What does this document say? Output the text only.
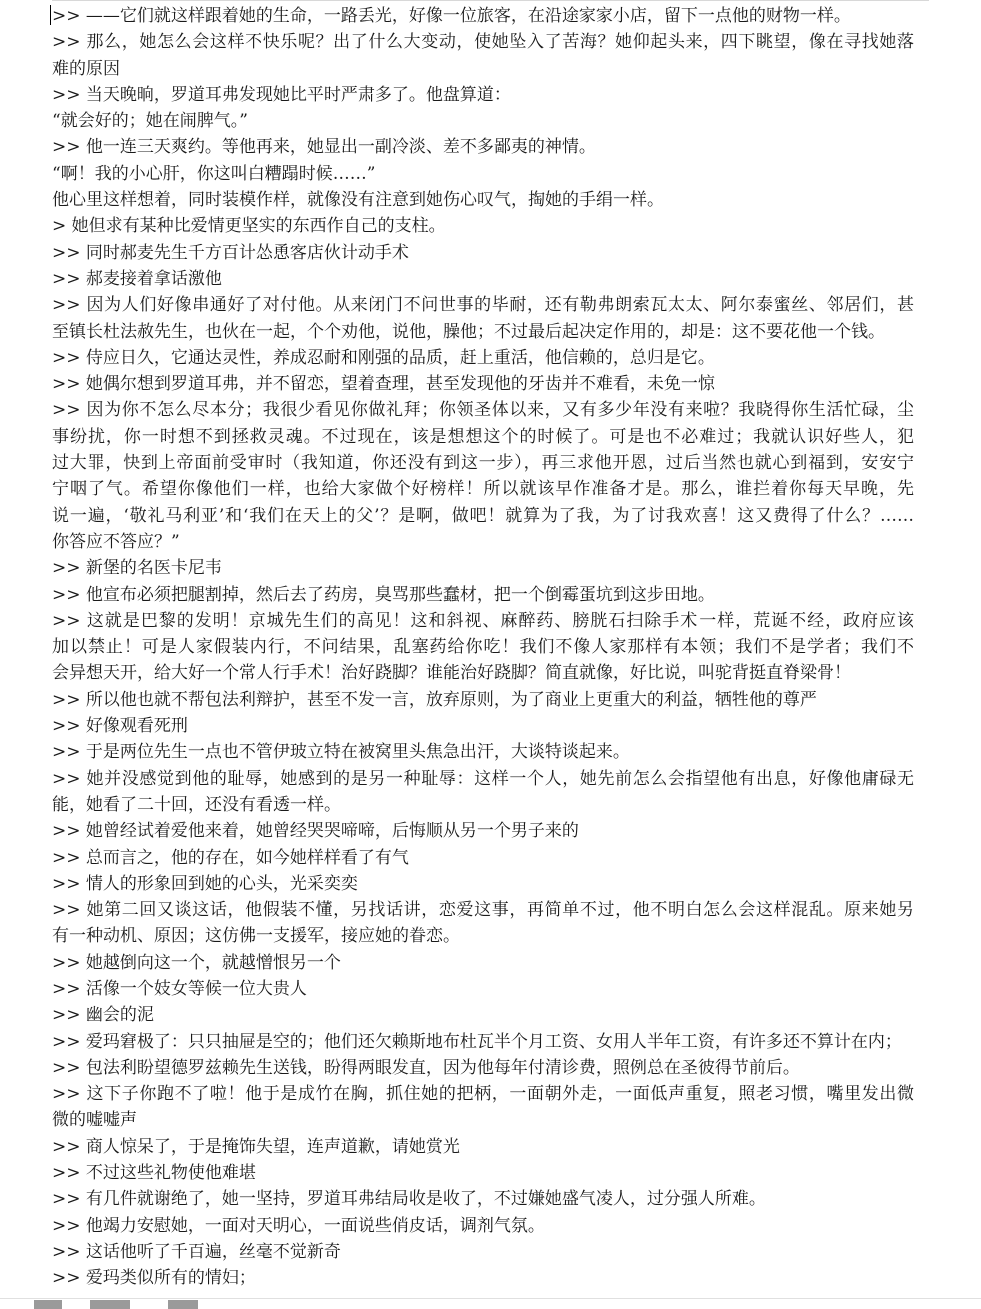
>> ——它们就这样跟着她的生命，一路丢光，好像一位旅客，在沿途家家小店，留下一点他的财物一样。
>> 那么，她怎么会这样不快乐呢？出了什么大变动，使她坠入了苦海？她仰起头来，四下眺望，像在寻找她落
难的原因
>> 当天晚晌，罗道耳弗发现她比平时严肃多了。他盘算道：
“就会好的；她在闹脾气。”
>> 他一连三天爽约。等他再来，她显出一副冷淡、差不多鄙夷的神情。
“啊！我的小心肝，你这叫白糟蹋时候……”
他心里这样想着，同时装模作样，就像没有注意到她伤心叹气，掏她的手绢一样。
> 她但求有某种比爱情更坚实的东西作自己的支柱。
>> 同时郝麦先生千方百计怂恿客店伙计动手术
>> 郝麦接着拿话激他
>> 因为人们好像串通好了对付他。从来闭门不问世事的毕耐，还有勒弗朗索瓦太太、阿尔泰蜜丝、邻居们，甚
至镇长杜法赦先生，也伙在一起，个个劝他，说他，臊他；不过最后起决定作用的，却是：这不要花他一个钱。
>> 侍应日久，它通达灵性，养成忍耐和刚强的品质，赶上重活，他信赖的，总归是它。
>> 她偶尔想到罗道耳弗，并不留恋，望着查理，甚至发现他的牙齿并不难看，未免一惊
>> 因为你不怎么尽本分；我很少看见你做礼拜；你领圣体以来，又有多少年没有来啦？我晓得你生活忙碌，尘
事纷扰，你一时想不到拯救灵魂。不过现在，该是想想这个的时候了。可是也不必难过；我就认识好些人，犯
过大罪，快到上帝面前受审时（我知道，你还没有到这一步），再三求他开恩，过后当然也就心到福到，安安宁
宁咽了气。希望你像他们一样，也给大家做个好榜样！所以就该早作准备才是。那么，谁拦着你每天早晚，先
说一遍，‘敬礼马利亚’和‘我们在天上的父’￼？是啊，做吧！就算为了我，为了讨我欢喜！这又费得了什么？……
你答应不答应？”
>> 新堡的名医卡尼韦
>> 他宣布必须把腿割掉，然后去了药房，臭骂那些蠢材，把一个倒霉蛋坑到这步田地。
>> 这就是巴黎的发明！京城先生们的高见！这和斜视、麻醉药、膀胱石扫除手术￼一样，荒诞不经，政府应该
加以禁止！可是人家假装内行，不问结果，乱塞药给你吃！我们不像人家那样有本领；我们不是学者；我们不
会异想天开，给大好一个常人行手术！治好跷脚？谁能治好跷脚？简直就像，好比说，叫驼背挺直脊梁骨！
>> 所以他也就不帮包法利辩护，甚至不发一言，放弃原则，为了商业上更重大的利益，牺牲他的尊严
>> 好像观看死刑
>> 于是两位先生一点也不管伊玻立特在被窝里头焦急出汗，大谈特谈起来。
>> 她并没感觉到他的耻辱，她感到的是另一种耻辱：这样一个人，她先前怎么会指望他有出息，好像他庸碌无
能，她看了二十回，还没有看透一样。
>> 她曾经试着爱他来着，她曾经哭哭啼啼，后悔顺从另一个男子来的
>> 总而言之，他的存在，如今她样样看了有气
>> 情人的形象回到她的心头，光采奕奕
>> 她第二回又谈这话，他假装不懂，另找话讲，恋爱这事，再简单不过，他不明白怎么会这样混乱。原来她另
有一种动机、原因；这仿佛一支援军，接应她的眷恋。
>> 她越倒向这一个，就越憎恨另一个
>> 活像一个妓女等候一位大贵人
>> 幽会的泥
>> 爱玛窘极了：只只抽屉是空的；他们还欠赖斯地布杜瓦半个月工资、女用人半年工资，有许多还不算计在内；
>> 包法利盼望德罗兹赖先生送钱，盼得两眼发直，因为他每年付清诊费，照例总在圣彼得节￼前后。
>> 这下子你跑不了啦！他于是成竹在胸，抓住她的把柄，一面朝外走，一面低声重复，照老习惯，嘴里发出微
微的嘘嘘声
>> 商人惊呆了，于是掩饰失望，连声道歉，请她赏光
>> 不过这些礼物使他难堪
>> 有几件就谢绝了，她一坚持，罗道耳弗结局收是收了，不过嫌她盛气凌人，过分强人所难。
>> 他竭力安慰她，一面对天明心，一面说些俏皮话，调剂气氛。
>> 这话他听了千百遍，丝毫不觉新奇
>> 爱玛类似所有的情妇；
